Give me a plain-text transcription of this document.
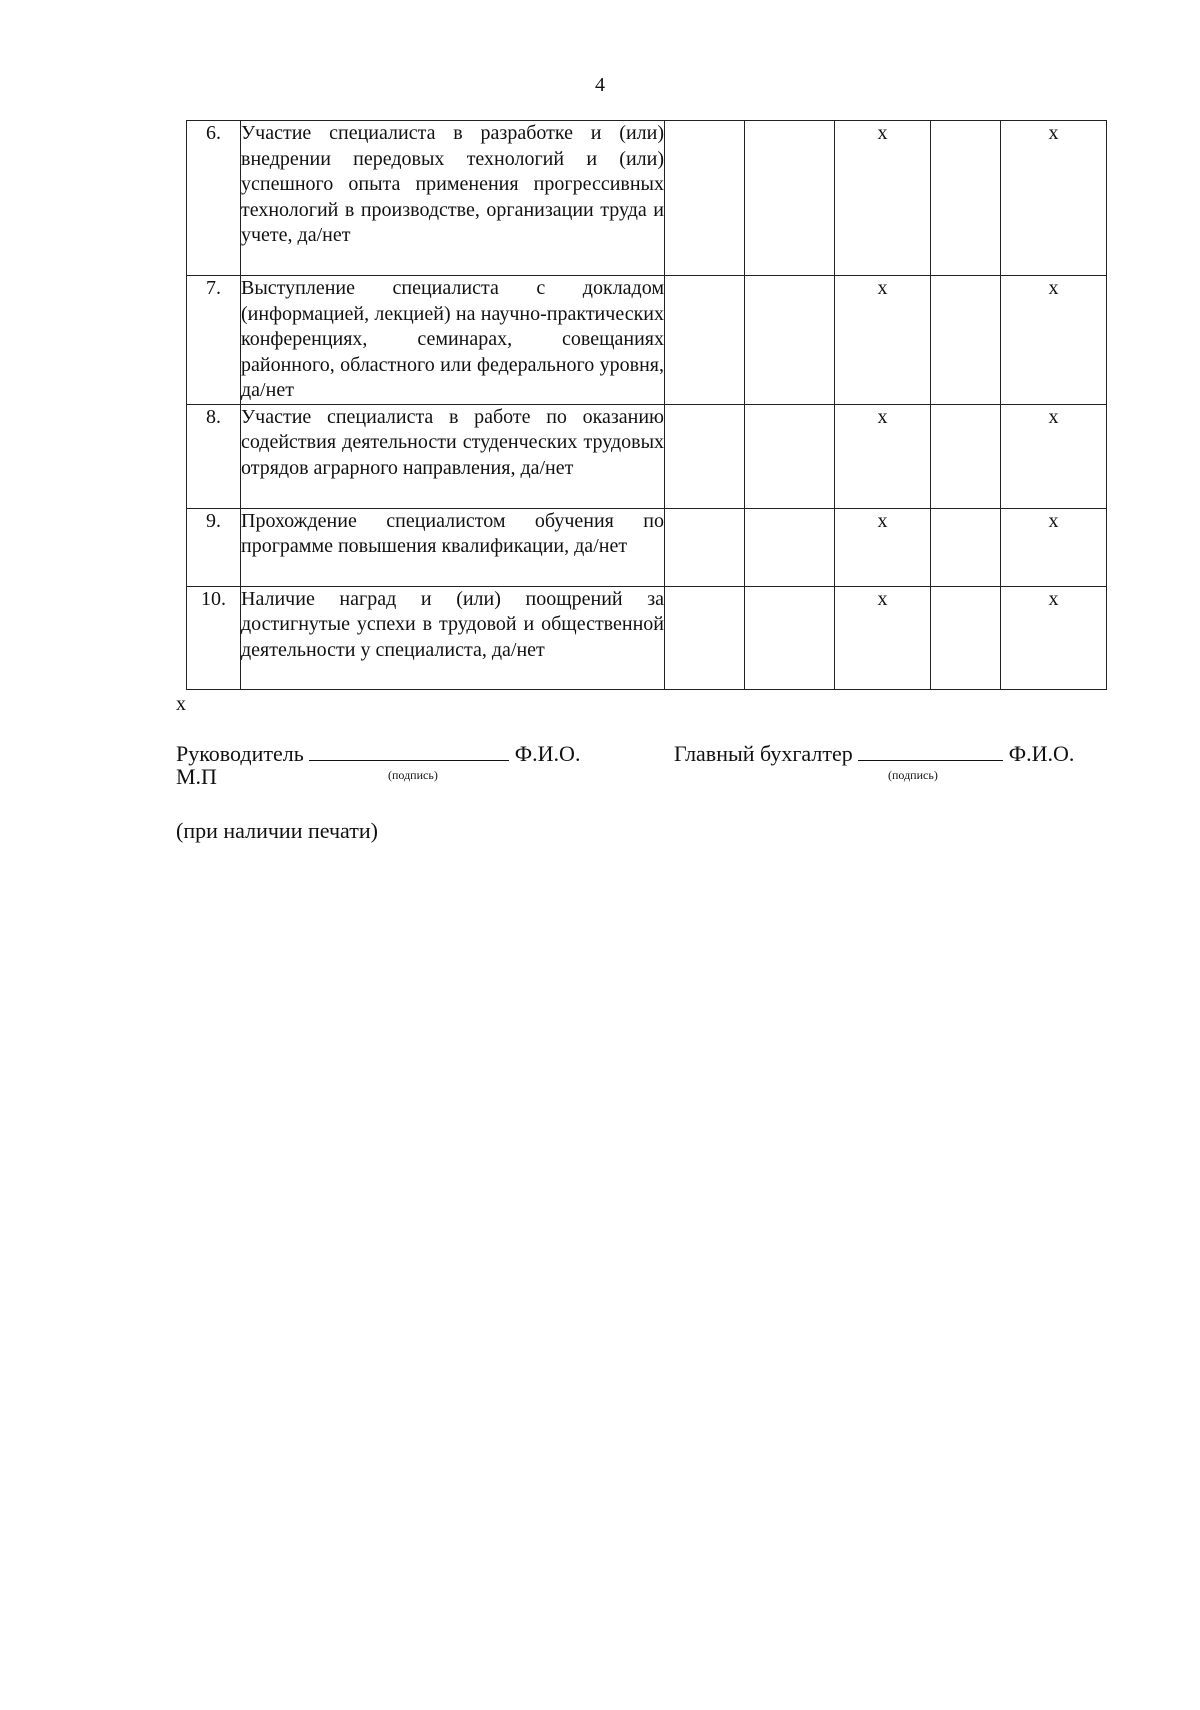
4
6.	Участие специалиста в разработке и (или) внедрении передовых технологий и (или) успешного опыта применения прогрессивных технологий в производстве, организации труда и учете, да/нет			х		х
7.	Выступление специалиста с докладом (информацией, лекцией) на научно-практических конференциях, семинарах, совещаниях районного, областного или федерального уровня, да/нет			х		х
8.	Участие специалиста в работе по оказанию содействия деятельности студенческих трудовых отрядов аграрного направления, да/нет			х		х
9.	Прохождение специалистом обучения по программе повышения квалификации, да/нет			х		х
10.	Наличие наград и (или) поощрений за достигнутые успехи в трудовой и общественной деятельности у специалиста, да/нет			х		х
х
Руководитель	Ф.И.О.
(подпись)
Главный бухгалтер	Ф.И.О.
(подпись)
М.П
(при наличии печати)
